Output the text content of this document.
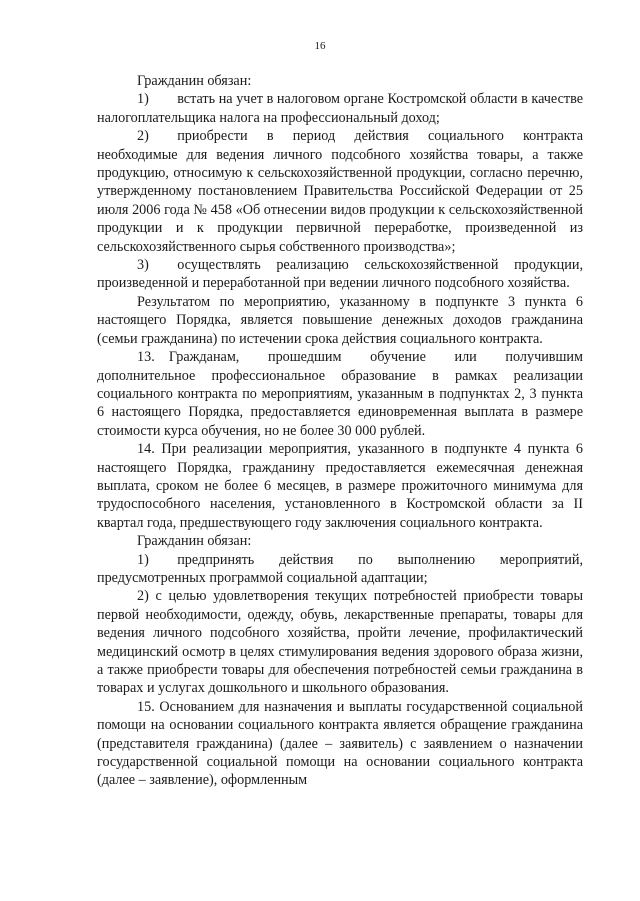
16

Гражданин обязан:

1)  встать на учет в налоговом органе Костромской области в качестве налогоплательщика налога на профессиональный доход;

2)  приобрести в период действия социального контракта необходимые для ведения личного подсобного хозяйства товары, а также продукцию, относимую к сельскохозяйственной продукции, согласно перечню, утвержденному постановлением Правительства Российской Федерации от 25 июля 2006 года № 458 «Об отнесении видов продукции к сельскохозяйственной продукции и к продукции первичной переработке, произведенной из сельскохозяйственного сырья собственного производства»;

3)  осуществлять реализацию сельскохозяйственной продукции, произведенной и переработанной при ведении личного подсобного хозяйства.

Результатом по мероприятию, указанному в подпункте 3 пункта 6 настоящего Порядка, является повышение денежных доходов гражданина (семьи гражданина) по истечении срока действия социального контракта.

13. Гражданам, прошедшим обучение или получившим дополнительное профессиональное образование в рамках реализации социального контракта по мероприятиям, указанным в подпунктах 2, 3 пункта 6 настоящего Порядка, предоставляется единовременная выплата в размере стоимости курса обучения, но не более 30 000 рублей.

14. При реализации мероприятия, указанного в подпункте 4 пункта 6 настоящего Порядка, гражданину предоставляется ежемесячная денежная выплата, сроком не более 6 месяцев, в размере прожиточного минимума для трудоспособного населения, установленного в Костромской области за II квартал года, предшествующего году заключения социального контракта.

Гражданин обязан:

1)  предпринять действия по выполнению мероприятий, предусмотренных программой социальной адаптации;

2) с целью удовлетворения текущих потребностей приобрести товары первой необходимости, одежду, обувь, лекарственные препараты, товары для ведения личного подсобного хозяйства, пройти лечение, профилактический медицинский осмотр в целях стимулирования ведения здорового образа жизни, а также приобрести товары для обеспечения потребностей семьи гражданина в товарах и услугах дошкольного и школьного образования.

15. Основанием для назначения и выплаты государственной социальной помощи на основании социального контракта является обращение гражданина (представителя гражданина) (далее – заявитель) с заявлением о назначении государственной социальной помощи на основании социального контракта (далее – заявление), оформленным
